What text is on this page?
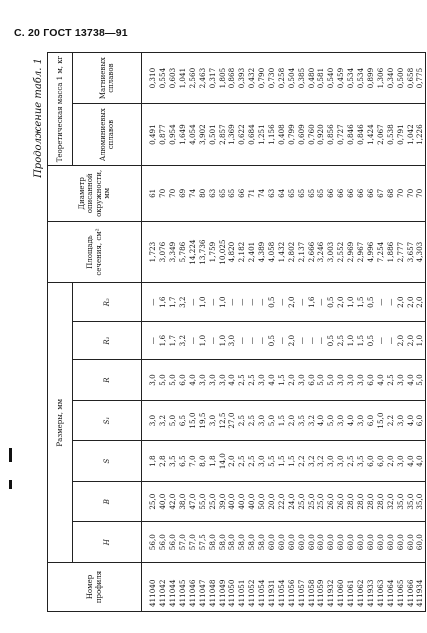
С. 20 ГОСТ 13738—91
Продолжение табл. 1
Номер профиля	Размеры, мм							Площадь сечения, см²	Диаметр описанной окружности, мм	Теоретическая масса 1 м, кг	
	H	B	S	S₁	R	R₁	R₂			Алюминиевых сплавов	Магниевых сплавов
411040	56,0	25,0	1,8	3,0	3,0	—	—	1,723	61	0,491	0,310
411042	56,0	40,0	2,8	3,2	5,0	1,6	1,6	3,076	70	0,877	0,554
411044	56,0	42,0	3,5	5,0	5,0	1,7	1,7	3,349	70	0,954	0,603
411045	57,0	38,0	6,5	6,5	6,0	3,2	3,2	5,786	69	1,649	1,041
411046	57,0	47,0	7,0	15,0	4,0	—	—	14,224	74	4,054	2,560
411047	57,5	55,0	8,0	19,5	3,0	1,0	1,0	13,736	80	3,902	2,463
411048	58,0	25,0	1,8	3,0	3,0	—	—	1,759	63	0,501	0,317
411049	58,0	39,0	14,0	12,5	3,0	1,0	1,0	10,025	65	2,857	1,805
411050	58,0	40,0	2,0	27,0	4,0	3,0	—	4,820	65	1,369	0,868
411051	58,0	40,0	2,5	2,5	2,5	—	—	2,182	66	0,622	0,393
411052	58,0	40,0	2,5	2,5	2,5	—	—	2,401	71	0,684	0,432
411054	58,0	50,0	3,0	3,0	3,0	—	—	4,389	74	1,251	0,790
411931	60,0	20,0	5,5	5,0	4,0	0,5	0,5	4,058	63	1,156	0,730
411054	60,0	22,0	1,5	1,5	1,5	—	—	1,432	64	0,408	0,258
411056	60,0	24,0	1,5	2,0	2,0	2,0	2,0	2,802	65	0,799	0,504
411057	60,0	25,0	2,2	3,5	3,0	—	—	2,137	65	0,609	0,385
411058	60,0	25,0	3,2	3,2	6,0	—	1,6	2,666	65	0,760	0,480
411059	60,0	25,0	3,2	4,0	5,0	—	—	3,246	65	0,920	0,581
411932	60,0	26,0	3,0	5,0	5,0	0,5	0,5	3,003	66	0,856	0,540
411060	60,0	26,0	3,0	3,0	3,0	2,5	2,0	2,552	66	0,727	0,459
411061	60,0	28,0	2,5	4,0	3,0	1,0	1,0	2,969	66	0,846	0,534
411062	60,0	28,0	3,5	3,0	3,0	1,5	1,5	2,967	66	0,846	0,534
411933	60,0	28,0	6,0	6,0	6,0	0,5	0,5	4,996	66	1,424	0,899
411063	60,0	28,0	6,0	15,0	4,0	—	—	7,254	67	2,067	1,306
411064	60,0	32,0	2,0	2,2	2,5	—	—	1,886	68	0,538	0,340
411065	60,0	35,0	3,0	3,0	3,0	2,0	2,0	2,777	70	0,791	0,500
411066	60,0	35,0	4,0	4,0	4,0	2,0	2,0	3,657	70	1,042	0,658
411934	60,0	35,0	4,0	6,0	5,0	1,0	2,0	4,303	70	1,226	0,775
